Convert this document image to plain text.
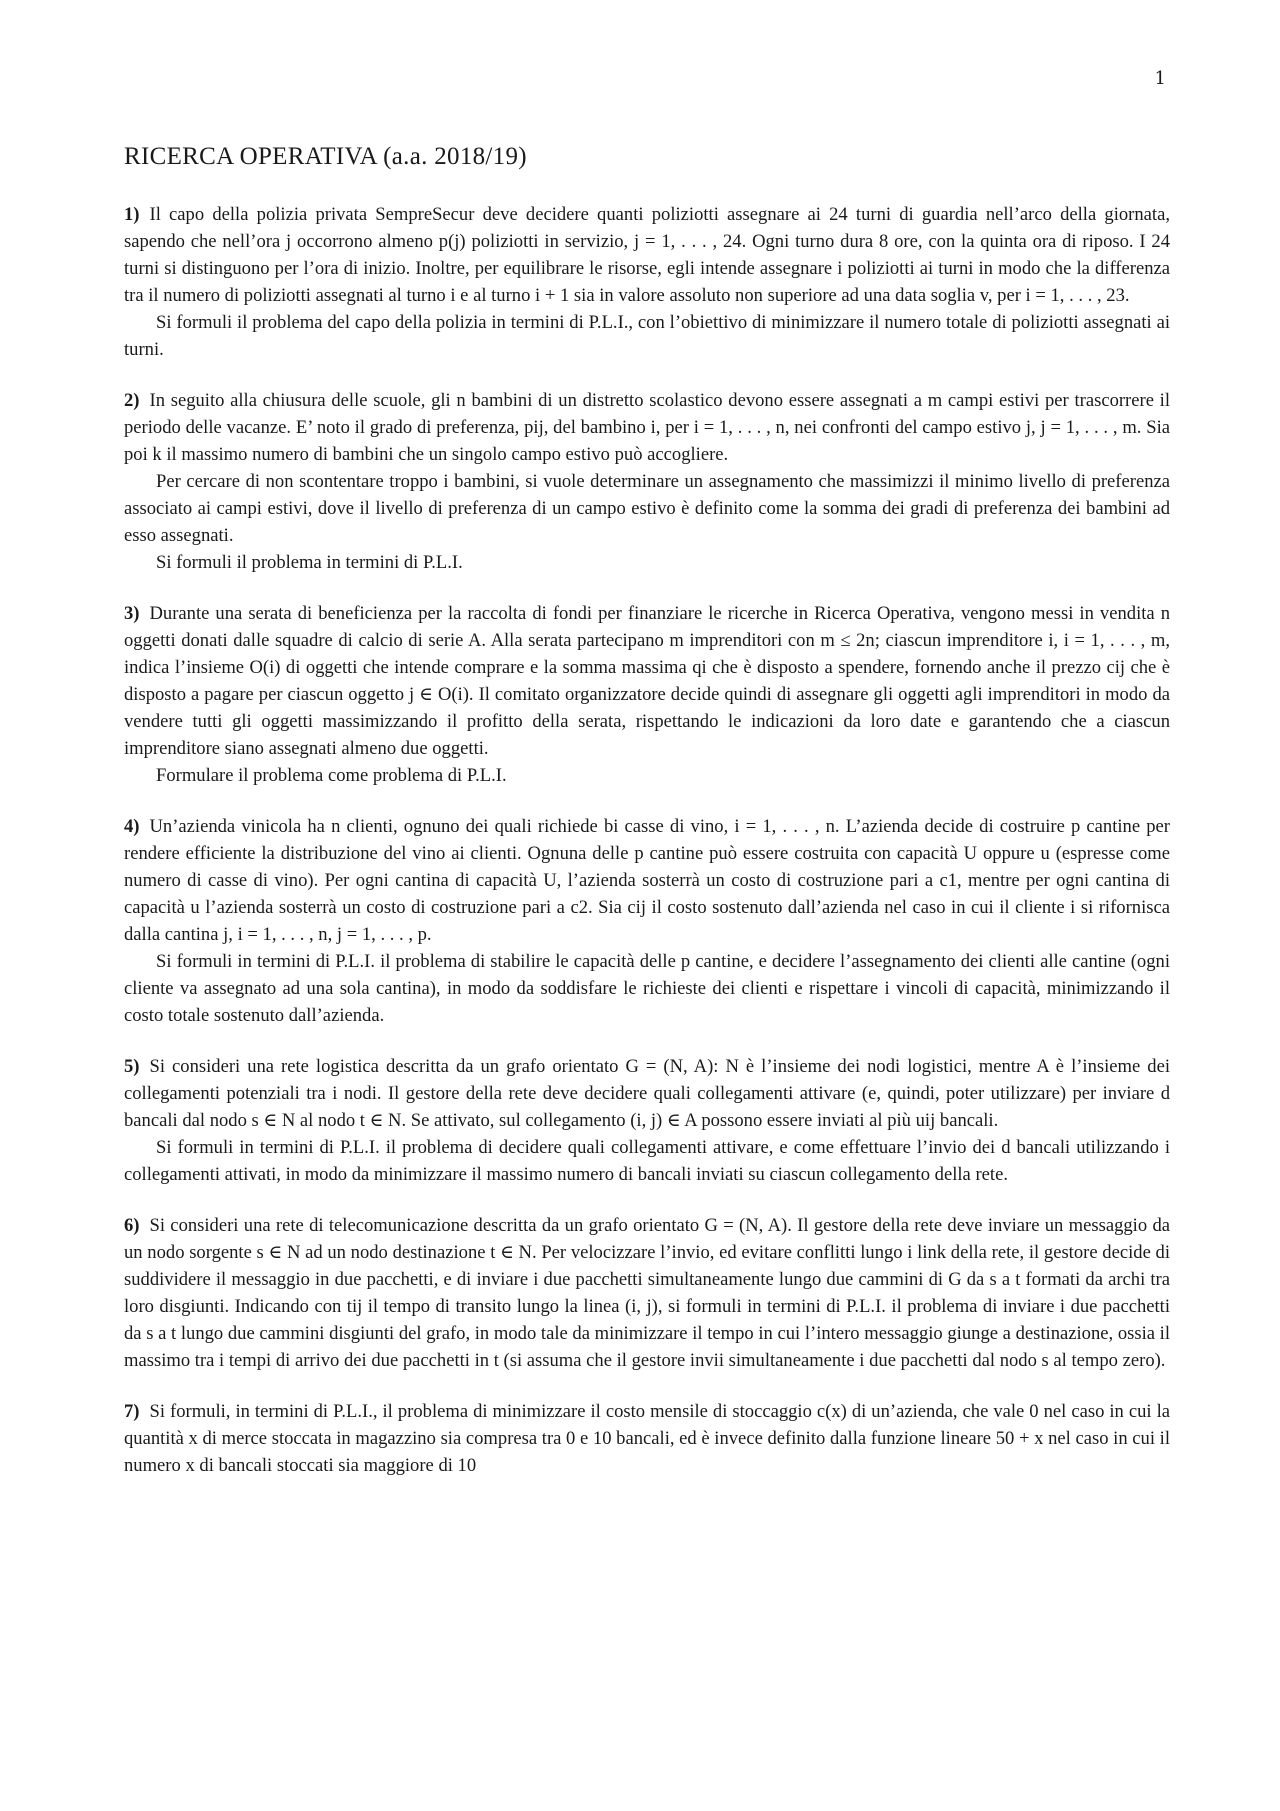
1
RICERCA OPERATIVA (a.a. 2018/19)

1) Il capo della polizia privata SempreSecur deve decidere quanti poliziotti assegnare ai 24 turni di guardia nell’arco della giornata, sapendo che nell’ora j occorrono almeno p(j) poliziotti in servizio, j = 1, . . . , 24. Ogni turno dura 8 ore, con la quinta ora di riposo. I 24 turni si distinguono per l’ora di inizio. Inoltre, per equilibrare le risorse, egli intende assegnare i poliziotti ai turni in modo che la differenza tra il numero di poliziotti assegnati al turno i e al turno i + 1 sia in valore assoluto non superiore ad una data soglia v, per i = 1, . . . , 23.

Si formuli il problema del capo della polizia in termini di P.L.I., con l’obiettivo di minimizzare il numero totale di poliziotti assegnati ai turni.

2) In seguito alla chiusura delle scuole, gli n bambini di un distretto scolastico devono essere assegnati a m campi estivi per trascorrere il periodo delle vacanze. E’ noto il grado di preferenza, pij, del bambino i, per i = 1, . . . , n, nei confronti del campo estivo j, j = 1, . . . , m. Sia poi k il massimo numero di bambini che un singolo campo estivo può accogliere.

Per cercare di non scontentare troppo i bambini, si vuole determinare un assegnamento che massimizzi il minimo livello di preferenza associato ai campi estivi, dove il livello di preferenza di un campo estivo è definito come la somma dei gradi di preferenza dei bambini ad esso assegnati.

Si formuli il problema in termini di P.L.I.

3) Durante una serata di beneficienza per la raccolta di fondi per finanziare le ricerche in Ricerca Operativa, vengono messi in vendita n oggetti donati dalle squadre di calcio di serie A. Alla serata partecipano m imprenditori con m ≤ 2n; ciascun imprenditore i, i = 1, . . . , m, indica l’insieme O(i) di oggetti che intende comprare e la somma massima qi che è disposto a spendere, fornendo anche il prezzo cij che è disposto a pagare per ciascun oggetto j ∈ O(i). Il comitato organizzatore decide quindi di assegnare gli oggetti agli imprenditori in modo da vendere tutti gli oggetti massimizzando il profitto della serata, rispettando le indicazioni da loro date e garantendo che a ciascun imprenditore siano assegnati almeno due oggetti.

Formulare il problema come problema di P.L.I.

4) Un’azienda vinicola ha n clienti, ognuno dei quali richiede bi casse di vino, i = 1, . . . , n. L’azienda decide di costruire p cantine per rendere efficiente la distribuzione del vino ai clienti. Ognuna delle p cantine può essere costruita con capacità U oppure u (espresse come numero di casse di vino). Per ogni cantina di capacità U, l’azienda sosterrà un costo di costruzione pari a c1, mentre per ogni cantina di capacità u l’azienda sosterrà un costo di costruzione pari a c2. Sia cij il costo sostenuto dall’azienda nel caso in cui il cliente i si rifornisca dalla cantina j, i = 1, . . . , n, j = 1, . . . , p.

Si formuli in termini di P.L.I. il problema di stabilire le capacità delle p cantine, e decidere l’assegnamento dei clienti alle cantine (ogni cliente va assegnato ad una sola cantina), in modo da soddisfare le richieste dei clienti e rispettare i vincoli di capacità, minimizzando il costo totale sostenuto dall’azienda.

5) Si consideri una rete logistica descritta da un grafo orientato G = (N, A): N è l’insieme dei nodi logistici, mentre A è l’insieme dei collegamenti potenziali tra i nodi. Il gestore della rete deve decidere quali collegamenti attivare (e, quindi, poter utilizzare) per inviare d bancali dal nodo s ∈ N al nodo t ∈ N. Se attivato, sul collegamento (i, j) ∈ A possono essere inviati al più uij bancali.

Si formuli in termini di P.L.I. il problema di decidere quali collegamenti attivare, e come effettuare l’invio dei d bancali utilizzando i collegamenti attivati, in modo da minimizzare il massimo numero di bancali inviati su ciascun collegamento della rete.

6) Si consideri una rete di telecomunicazione descritta da un grafo orientato G = (N, A). Il gestore della rete deve inviare un messaggio da un nodo sorgente s ∈ N ad un nodo destinazione t ∈ N. Per velocizzare l’invio, ed evitare conflitti lungo i link della rete, il gestore decide di suddividere il messaggio in due pacchetti, e di inviare i due pacchetti simultaneamente lungo due cammini di G da s a t formati da archi tra loro disgiunti. Indicando con tij il tempo di transito lungo la linea (i, j), si formuli in termini di P.L.I. il problema di inviare i due pacchetti da s a t lungo due cammini disgiunti del grafo, in modo tale da minimizzare il tempo in cui l’intero messaggio giunge a destinazione, ossia il massimo tra i tempi di arrivo dei due pacchetti in t (si assuma che il gestore invii simultaneamente i due pacchetti dal nodo s al tempo zero).

7) Si formuli, in termini di P.L.I., il problema di minimizzare il costo mensile di stoccaggio c(x) di un’azienda, che vale 0 nel caso in cui la quantità x di merce stoccata in magazzino sia compresa tra 0 e 10 bancali, ed è invece definito dalla funzione lineare 50 + x nel caso in cui il numero x di bancali stoccati sia maggiore di 10
